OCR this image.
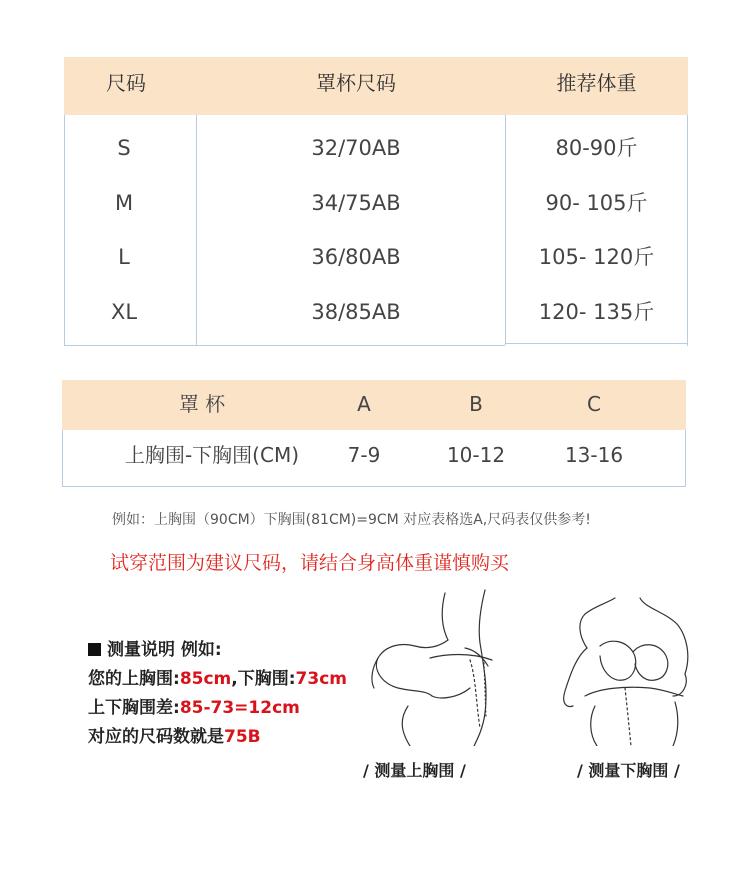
尺码	罩杯尺码	推荐体重
S	32/70AB	80-90斤
M	34/75AB	90- 105斤
L	36/80AB	105- 120斤
XL	38/85AB	120- 135斤
罩 杯	A	B	C
上胸围-下胸围(CM)	7-9	10-12	13-16
例如：上胸围（90CM）下胸围(81CM)=9CM 对应表格选A,尺码表仅供参考!
试穿范围为建议尺码，请结合身高体重谨慎购买
测量说明 例如:
您的上胸围:85cm,下胸围:73cm
上下胸围差:85-73=12cm
对应的尺码数就是75B
/ 测量上胸围 /	/ 测量下胸围 /
